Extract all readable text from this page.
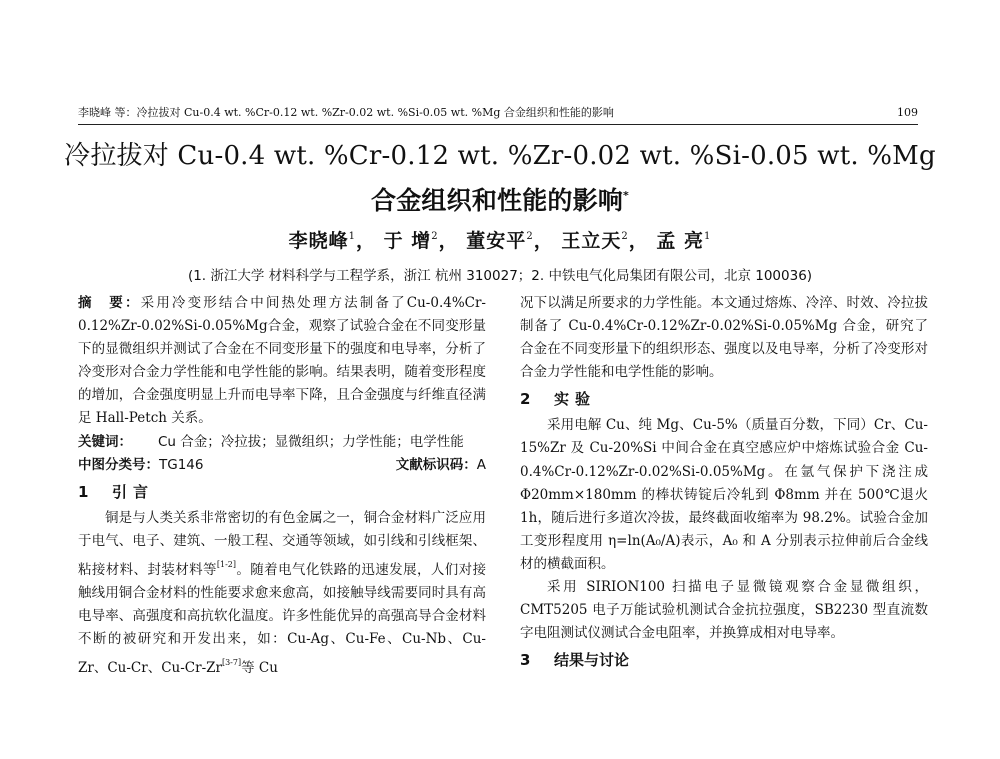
李晓峰 等：冷拉拔对 Cu-0.4 wt. %Cr-0.12 wt. %Zr-0.02 wt. %Si-0.05 wt. %Mg 合金组织和性能的影响	109
冷拉拔对 Cu-0.4 wt. %Cr-0.12 wt. %Zr-0.02 wt. %Si-0.05 wt. %Mg
合金组织和性能的影响*
李晓峰$^1$， 于 增$^2$， 董安平$^2$， 王立天$^2$， 孟 亮$^1$
(1. 浙江大学 材料科学与工程学系，浙江 杭州 310027；2. 中铁电气化局集团有限公司，北京 100036)

摘　要：采用冷变形结合中间热处理方法制备了Cu-0.4%Cr-0.12%Zr-0.02%Si-0.05%Mg合金，观察了试验合金在不同变形量下的显微组织并测试了合金在不同变形量下的强度和电导率，分析了冷变形对合金力学性能和电学性能的影响。结果表明，随着变形程度的增加，合金强度明显上升而电导率下降，且合金强度与纤维直径满足 Hall-Petch 关系。

关键词：	Cu 合金；冷拉拔；显微组织；力学性能；电学性能
中图分类号：TG146	文献标识码：A
1 引言

铜是与人类关系非常密切的有色金属之一，铜合金材料广泛应用于电气、电子、建筑、一般工程、交通等领域，如引线和引线框架、粘接材料、封装材料等[1-2]。随着电气化铁路的迅速发展，人们对接触线用铜合金材料的性能要求愈来愈高，如接触导线需要同时具有高电导率、高强度和高抗软化温度。许多性能优异的高强高导合金材料不断的被研究和开发出来，如：Cu-Ag、Cu-Fe、Cu-Nb、Cu-Zr、Cu-Cr、Cu-Cr-Zr[3-7]等 Cu

况下以满足所要求的力学性能。本文通过熔炼、冷淬、时效、冷拉拔制备了 Cu-0.4%Cr-0.12%Zr-0.02%Si-0.05%Mg 合金，研究了合金在不同变形量下的组织形态、强度以及电导率，分析了冷变形对合金力学性能和电学性能的影响。

2 实验

采用电解 Cu、纯 Mg、Cu-5%（质量百分数，下同）Cr、Cu-15%Zr 及 Cu-20%Si 中间合金在真空感应炉中熔炼试验合金 Cu-0.4%Cr-0.12%Zr-0.02%Si-0.05%Mg。在氩气保护下浇注成 Φ20mm×180mm 的棒状铸锭后冷轧到 Φ8mm 并在 500℃退火 1h，随后进行多道次冷拔，最终截面收缩率为 98.2%。试验合金加工变形程度用 η=ln(A₀/A)表示，A₀ 和 A 分别表示拉伸前后合金线材的横截面积。

采用 SIRION100 扫描电子显微镜观察合金显微组织，CMT5205 电子万能试验机测试合金抗拉强度，SB2230 型直流数字电阻测试仪测试合金电阻率，并换算成相对电导率。

3 结果与讨论
